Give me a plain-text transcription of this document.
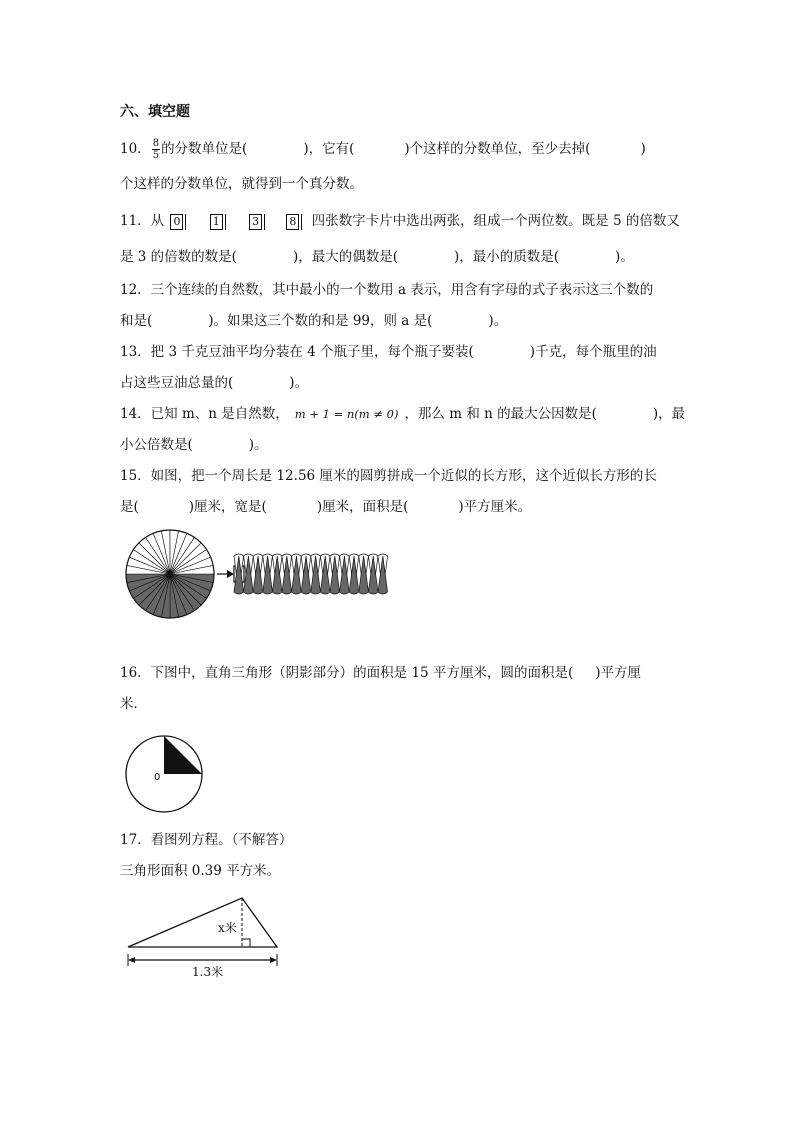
六、填空题
10． $\frac{8}{5}$ 的分数单位是(	)，它有(	)个这样的分数单位，至少去掉(	)
个这样的分数单位，就得到一个真分数。
11．从 0	1	3	8 四张数字卡片中选出两张，组成一个两位数。既是 5 的倍数又
是 3 的倍数的数是(	)，最大的偶数是(	)，最小的质数是(	)。
12．三个连续的自然数，其中最小的一个数用 a 表示，用含有字母的式子表示这三个数的
和是(	)。如果这三个数的和是 99，则 a 是(	)。
13．把 3 千克豆油平均分装在 4 个瓶子里，每个瓶子要装(	)千克，每个瓶里的油
占这些豆油总量的(	)。
14．已知 m、n 是自然数， m + 1 = n(m ≠ 0) ，那么 m 和 n 的最大公因数是(	)，最
小公倍数是(	)。
15．如图，把一个周长是 12.56 厘米的圆剪拼成一个近似的长方形，这个近似长方形的长
是(	)厘米，宽是(	)厘米，面积是(	)平方厘米。
16．下图中，直角三角形（阴影部分）的面积是 15 平方厘米，圆的面积是( )平方厘
米．
0
17．看图列方程。（不解答）
三角形面积 0.39 平方米。
x米
1.3米
